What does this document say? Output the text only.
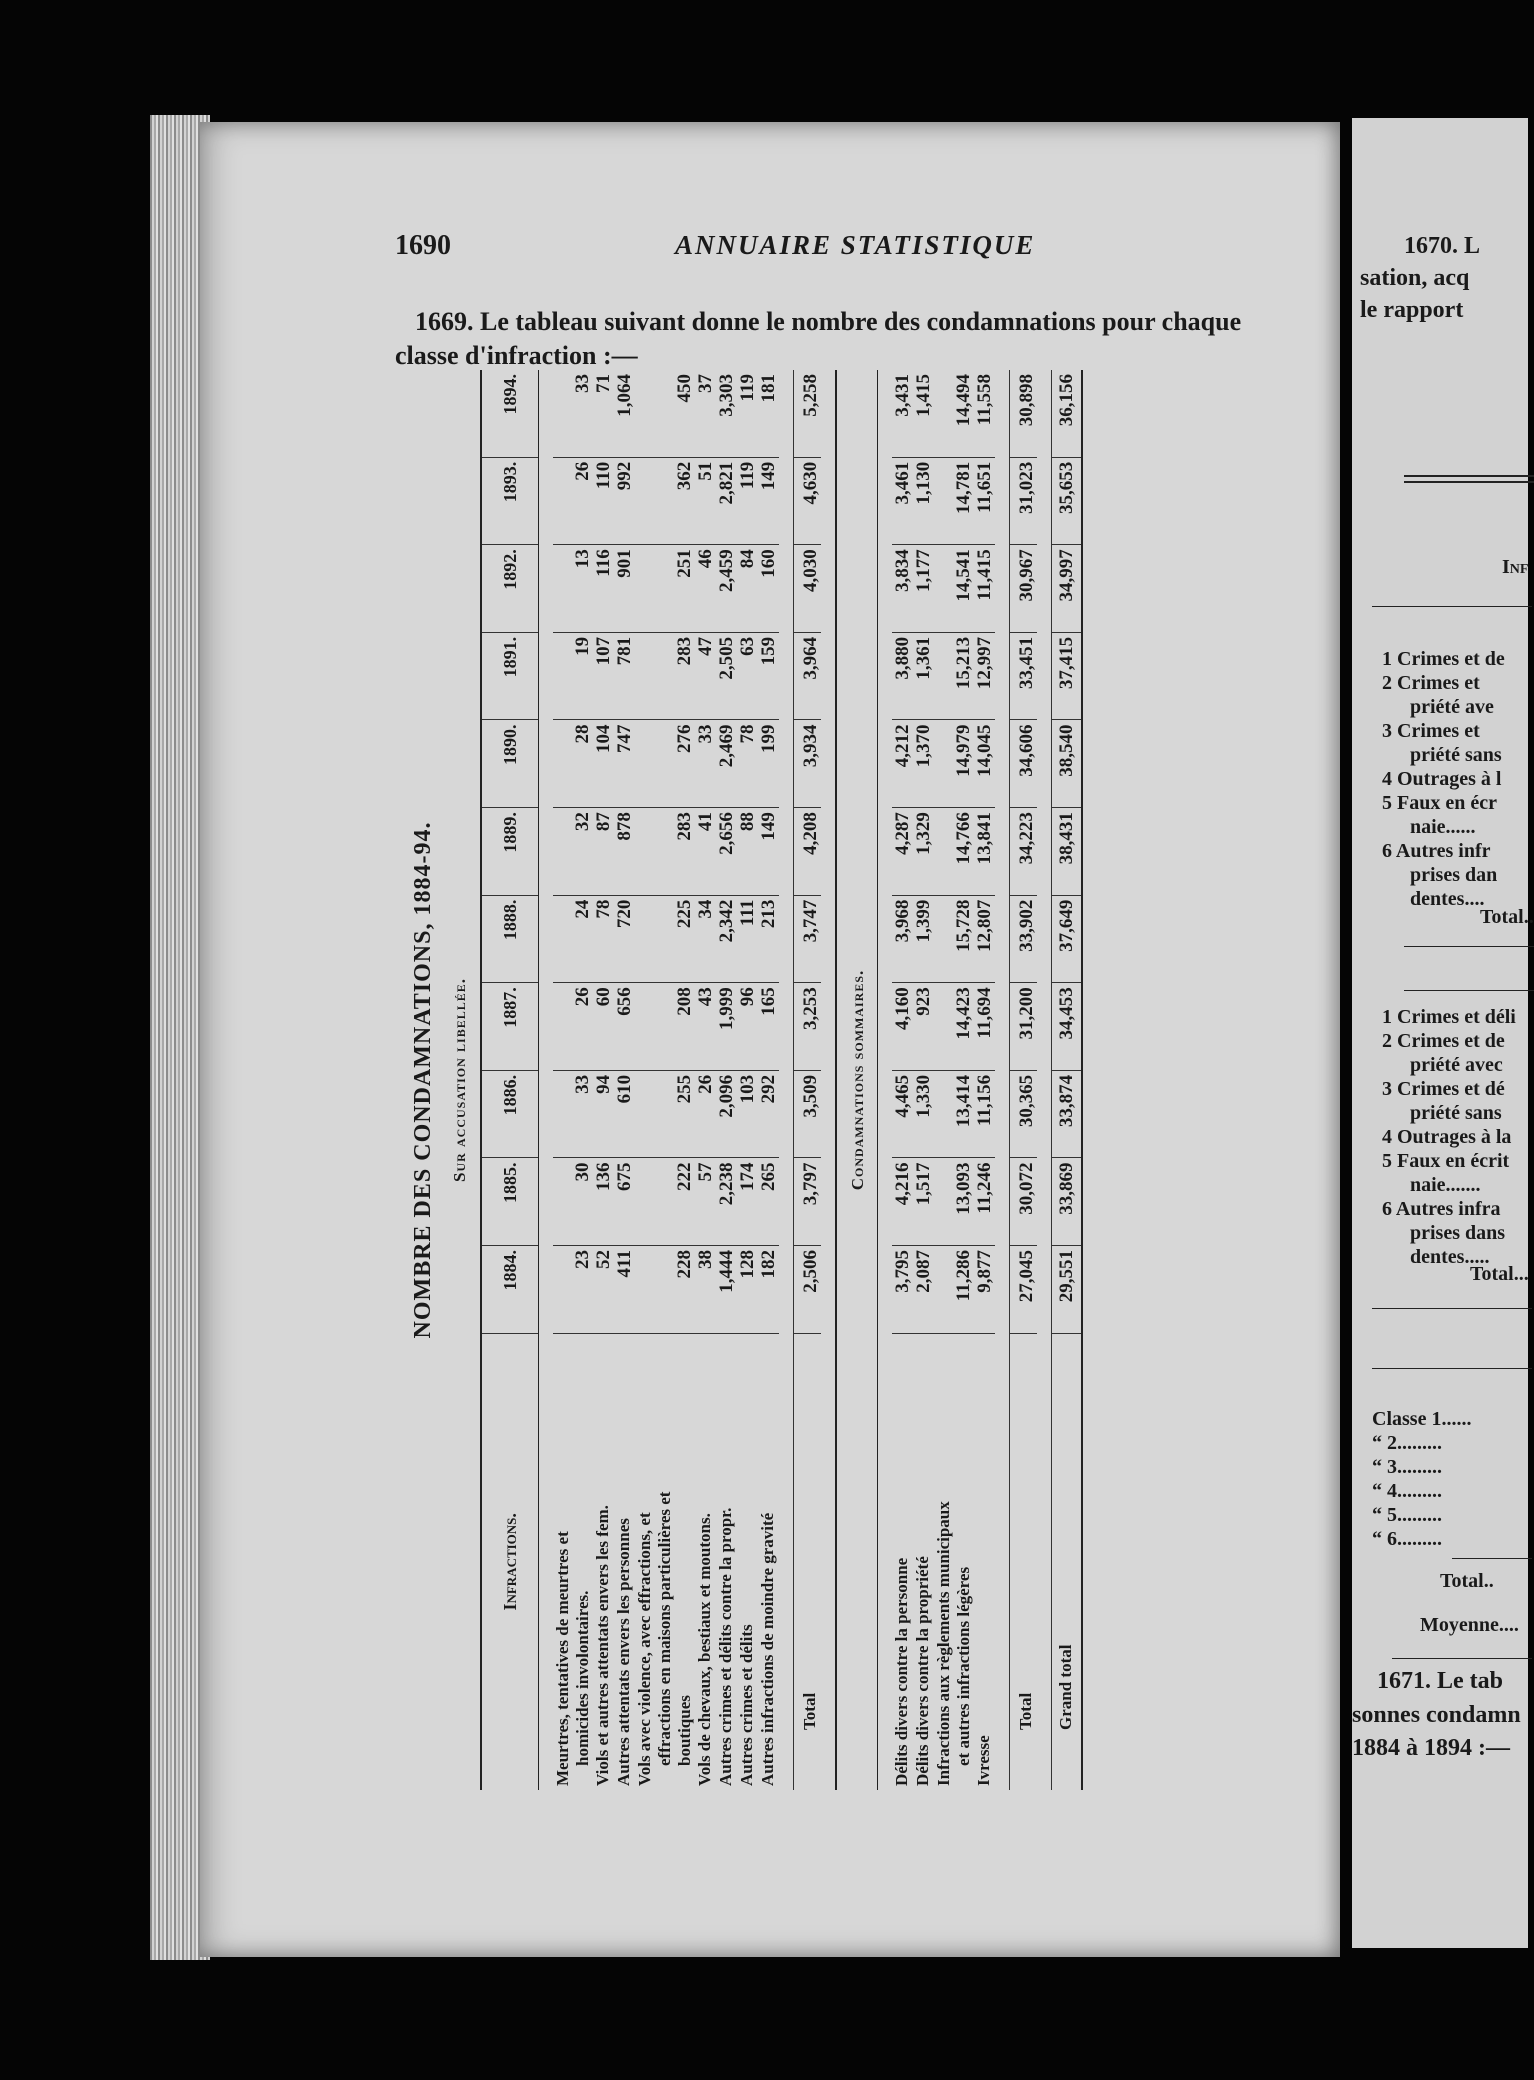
1690	ANNUAIRE STATISTIQUE
1669. Le tableau suivant donne le nombre des condamnations pour chaque classe d'infraction :—
NOMBRE DES CONDAMNATIONS, 1884-94. Sur accusation libellée.
Infractions.	1884.	1885.	1886.	1887.	1888.	1889.	1890.	1891.	1892.	1893.	1894.

Meurtres, tentatives de meurtres et homicides involontaires.	23	30	33	26	24	32	28	19	13	26	33
Viols et autres attentats envers les fem.	52	136	94	60	78	87	104	107	116	110	71
Autres attentats envers les personnes	411	675	610	656	720	878	747	781	901	992	1,064
Vols avec violence, avec effractions, et effractions en maisons particulières et boutiques	228	222	255	208	225	283	276	283	251	362	450
Vols de chevaux, bestiaux et moutons.	38	57	26	43	34	41	33	47	46	51	37
Autres crimes et délits contre la propr.	1,444	2,238	2,096	1,999	2,342	2,656	2,469	2,505	2,459	2,821	3,303
Autres crimes et délits	128	174	103	96	111	88	78	63	84	119	119
Autres infractions de moindre gravité	182	265	292	165	213	149	199	159	160	149	181

Total	2,506	3,797	3,509	3,253	3,747	4,208	3,934	3,964	4,030	4,630	5,258

Condamnations sommaires.											

Délits divers contre la personne	3,795	4,216	4,465	4,160	3,968	4,287	4,212	3,880	3,834	3,461	3,431
Délits divers contre la propriété	2,087	1,517	1,330	923	1,399	1,329	1,370	1,361	1,177	1,130	1,415
Infractions aux règlements municipaux et autres infractions légères	11,286	13,093	13,414	14,423	15,728	14,766	14,979	15,213	14,541	14,781	14,494
Ivresse	9,877	11,246	11,156	11,694	12,807	13,841	14,045	12,997	11,415	11,651	11,558

Total	27,045	30,072	30,365	31,200	33,902	34,223	34,606	33,451	30,967	31,023	30,898

Grand total	29,551	33,869	33,874	34,453	37,649	38,431	38,540	37,415	34,997	35,653	36,156
1670. L
sation, acq
le rapport
Inf
1 Crimes et de
2 Crimes et
priété ave
3 Crimes et
priété sans
4 Outrages à l
5 Faux en écr
naie......
6 Autres infr
prises dan
dentes....
Total..
1 Crimes et déli
2 Crimes et de
priété avec
3 Crimes et dé
priété sans
4 Outrages à la
5 Faux en écrit
naie.......
6 Autres infra
prises dans
dentes.....
Total...
Classe 1......
“ 2.........
“ 3.........
“ 4.........
“ 5.........
“ 6.........
Total..
Moyenne....
1671. Le tab
sonnes condamn
1884 à 1894 :—
